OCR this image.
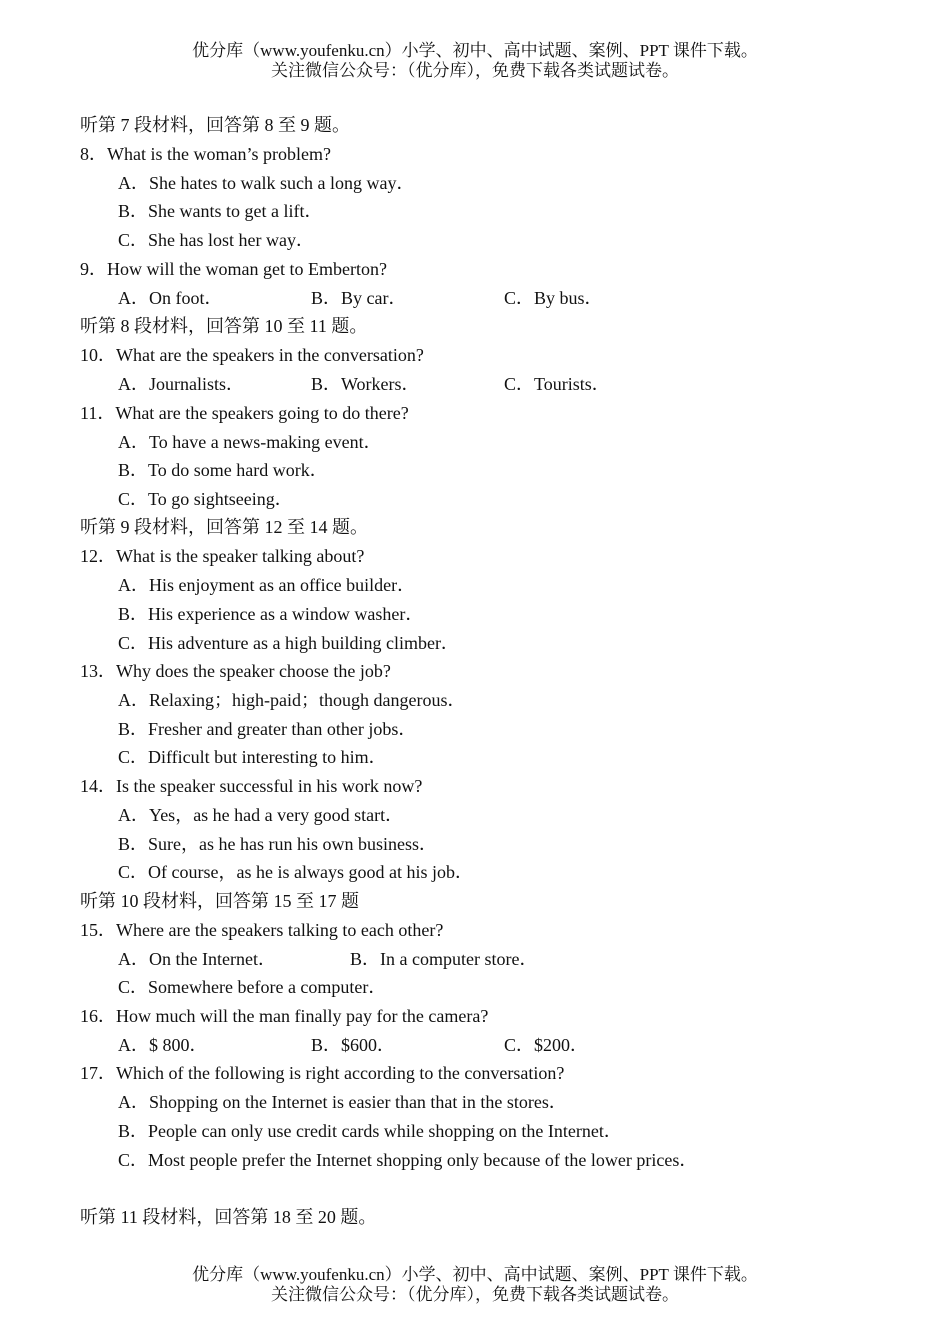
优分库（www.youfenku.cn）小学、初中、高中试题、案例、PPT 课件下载。
关注微信公众号：（优分库），免费下载各类试题试卷。
听第 7 段材料，回答第 8 至 9 题。
8．What is the woman’s problem?
A．She hates to walk such a long way．
B．She wants to get a lift．
C．She has lost her way．
9．How will the woman get to Emberton?
A．On foot．	B．By car．	C．By bus．
听第 8 段材料，回答第 10 至 11 题。
10．What are the speakers in the conversation?
A．Journalists．	B．Workers．	C．Tourists．
11．What are the speakers going to do there?
A．To have a news-making event．
B．To do some hard work．
C．To go sightseeing．
听第 9 段材料，回答第 12 至 14 题。
12．What is the speaker talking about?
A．His enjoyment as an office builder．
B．His experience as a window washer．
C．His adventure as a high building climber．
13．Why does the speaker choose the job?
A．Relaxing；high-paid；though dangerous．
B．Fresher and greater than other jobs．
C．Difficult but interesting to him．
14．Is the speaker successful in his work now?
A．Yes，as he had a very good start．
B．Sure，as he has run his own business．
C．Of course，as he is always good at his job．
听第 10 段材料，回答第 15 至 17 题
15．Where are the speakers talking to each other?
A．On the Internet．	B．In a computer store．
C．Somewhere before a computer．
16．How much will the man finally pay for the camera?
A．$ 800．	B．$600．	C．$200．
17．Which of the following is right according to the conversation?
A．Shopping on the Internet is easier than that in the stores．
B．People can only use credit cards while shopping on the Internet．
C．Most people prefer the Internet shopping only because of the lower prices．
听第 11 段材料，回答第 18 至 20 题。
优分库（www.youfenku.cn）小学、初中、高中试题、案例、PPT 课件下载。
关注微信公众号：（优分库），免费下载各类试题试卷。
